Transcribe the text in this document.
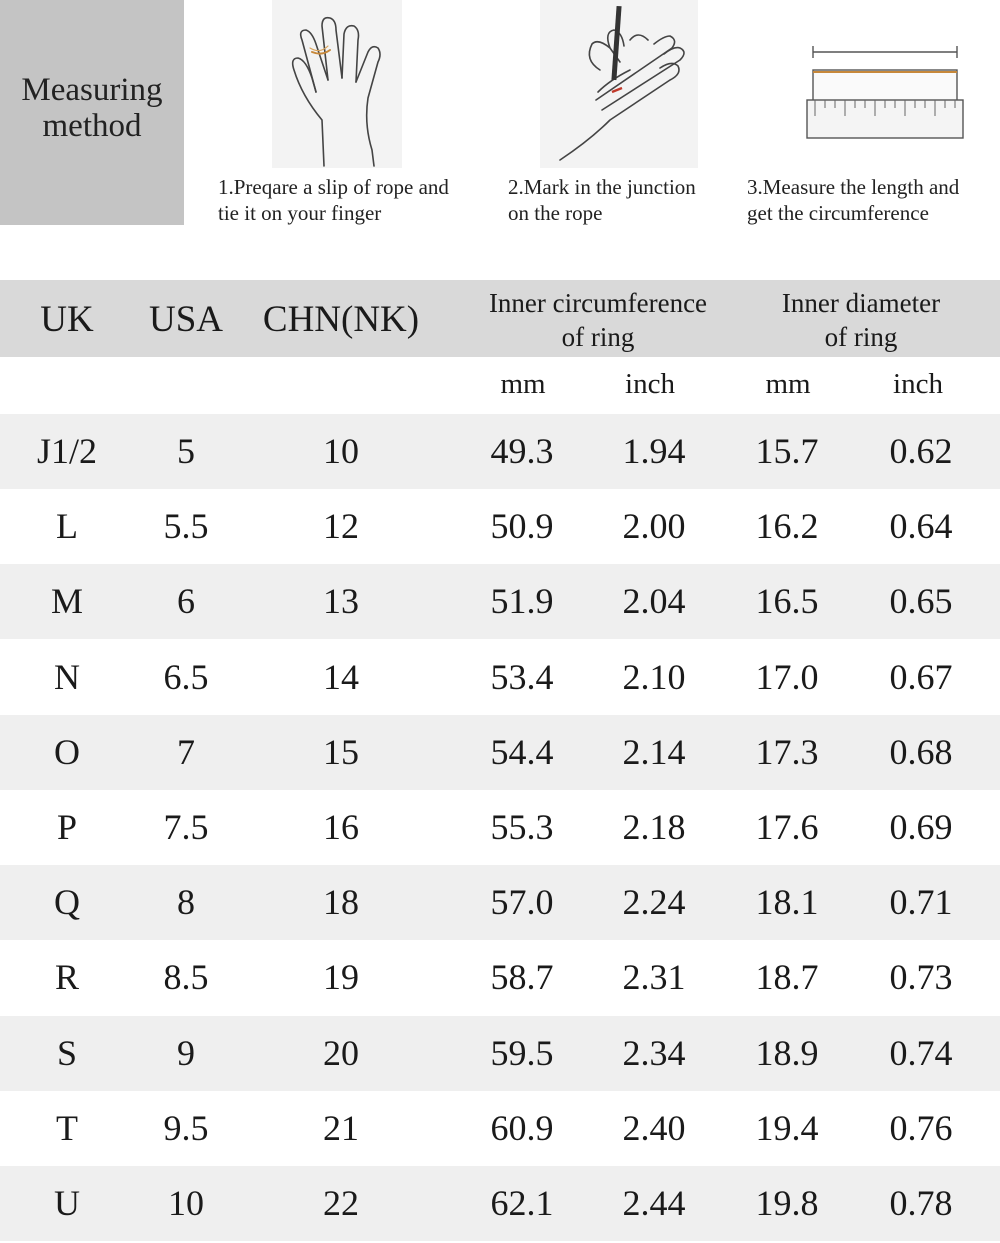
Measuring
method
1.Preqare a slip of rope and
tie it on your finger
2.Mark in the junction
on the rope
3.Measure the length and
get the circumference
UK	USA	CHN(NK)	Inner circumference
of ring
Inner diameter
of ring
mm	inch	mm	inch
J1/2	5	10	49.3	1.94	15.7	0.62
L	5.5	12	50.9	2.00	16.2	0.64
M	6	13	51.9	2.04	16.5	0.65
N	6.5	14	53.4	2.10	17.0	0.67
O	7	15	54.4	2.14	17.3	0.68
P	7.5	16	55.3	2.18	17.6	0.69
Q	8	18	57.0	2.24	18.1	0.71
R	8.5	19	58.7	2.31	18.7	0.73
S	9	20	59.5	2.34	18.9	0.74
T	9.5	21	60.9	2.40	19.4	0.76
U	10	22	62.1	2.44	19.8	0.78
